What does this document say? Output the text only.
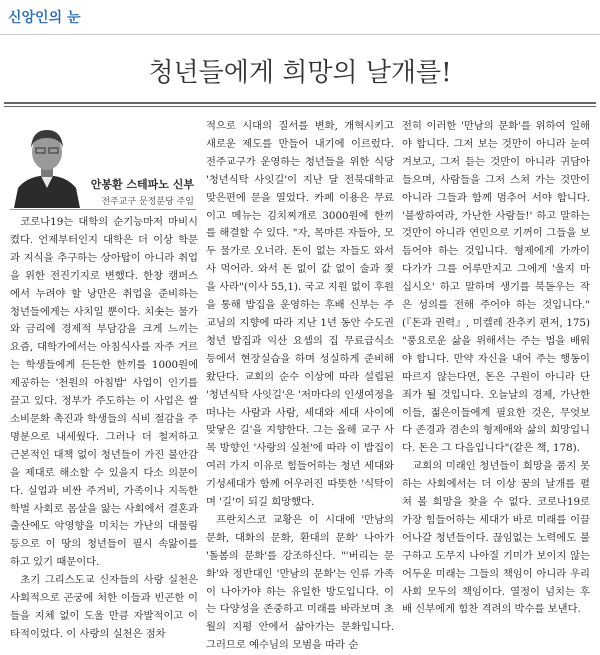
신앙인의 눈
청년들에게 희망의 날개를!
안봉환 스테파노 신부
전주교구 문정분당 주임

코로나19는 대학의 순기능마저 마비시켰다. 언제부터인지 대학은 더 이상 학문과 지식을 추구하는 상아탑이 아니라 취업을 위한 전진기지로 변했다. 한창 캠퍼스에서 누려야 할 낭만은 취업을 준비하는 청년들에게는 사치일 뿐이다. 치솟는 물가와 금리에 경제적 부담감을 크게 느끼는 요즘, 대학가에서는 아침식사를 자주 거르는 학생들에게 든든한 한끼를 1000원에 제공하는 '천원의 아침밥' 사업이 인기를 끌고 있다. 정부가 주도하는 이 사업은 쌀 소비문화 촉진과 학생들의 식비 절감을 주 명분으로 내세웠다. 그러나 더 철저하고 근본적인 대책 없이 청년들이 가진 불안감을 제대로 해소할 수 있을지 다소 의문이다. 실업과 비싼 주거비, 가족이나 지독한 학벌 사회로 몸살을 앓는 사회에서 결혼과 출산에도 악영향을 미치는 가난의 대물림 등으로 이 땅의 청년들이 필시 속앓이를 하고 있기 때문이다.

초기 그리스도교 신자들의 사랑 실천은 사회적으로 곤궁에 처한 이들과 빈곤한 이들을 지체 없이 도울 만큼 자발적이고 이타적이었다. 이 사랑의 실천은 점차

적으로 시대의 질서를 변화, 개혁시키고 새로운 제도를 만들어 내기에 이르렀다. 전주교구가 운영하는 청년들을 위한 식당 '청년식탁 사잇길'이 지난 달 전북대학교 맞은편에 문을 열었다. 카페 이용은 무료이고 메뉴는 김치찌개로 3000원에 한끼를 해결할 수 있다. "자, 목마른 자들아, 모두 물가로 오너라. 돈이 없는 자들도 와서 사 먹어라. 와서 돈 없이 값 없이 술과 젖을 사라"(이사 55,1). 국고 지원 없이 후원을 통해 밥집을 운영하는 후배 신부는 주교님의 지향에 따라 지난 1년 동안 수도권 청년 밥집과 익산 요셉의 집 무료급식소 등에서 현장실습을 하며 성실하게 준비해 왔단다. 교회의 순수 이상에 따라 설립된 '청년식탁 사잇길'은 '저마다의 인생여정을 떠나는 사람과 사람, 세대와 세대 사이에 맞닿은 길'을 지향한다. 그는 올해 교구 사목 방향인 '사랑의 실천'에 따라 이 밥집이 여러 가지 이유로 힘들어하는 청년 세대와 기성세대가 함께 어우러진 따뜻한 '식탁이며 '길'이 되길 희망했다.

프란치스코 교황은 이 시대에 '만남의 문화, 대화의 문화, 환대의 문화' 나아가 '돌봄의 문화'를 강조하신다. "'버리는 문화'와 정반대인 '만남의 문화'는 인류 가족이 나아가야 하는 유일한 방도입니다. 이는 다양성을 존중하고 미래를 바라보며 초월의 지평 안에서 삶아가는 문화입니다. 그러므로 예수님의 모범을 따라 순

전히 이러한 '만남의 문화'를 위하여 일해야 합니다. 그저 보는 것만이 아니라 눈여겨보고, 그저 듣는 것만이 아니라 귀담아들으며, 사람들을 그저 스쳐 가는 것만이 아니라 그들과 함께 멈추어 서야 합니다. '불쌍하여라, 가난한 사람들!' 하고 말하는 것만이 아니라 연민으로 기꺼이 그들을 보듬어야 하는 것입니다. 형제에게 가까이 다가가 그를 어루만지고 그에게 '울지 마십시오' 하고 말하며 생기를 북돋우는 작은 성의를 전해 주어야 하는 것입니다."(『돈과 권력』, 미켈레 잔추키 편저, 175) "풍요로운 삶을 위해서는 주는 법을 배워야 합니다. 만약 자신을 내어 주는 행동이 따르지 않는다면, 돈은 구원이 아니라 단죄가 될 것입니다. 오늘날의 경제, 가난한 이들, 젊은이들에게 필요한 것은, 무엇보다 존경과 겸손의 형제애와 삶의 희망입니다. 돈은 그 다음입니다"(같은 책, 178).

교회의 미래인 청년들이 희망을 품지 못하는 사회에서는 더 이상 꿈의 날개를 펼쳐 볼 희망을 찾을 수 없다. 코로나19로 가장 힘들어하는 세대가 바로 미래를 이끌어나갈 청년들이다. 끊임없는 노력에도 불구하고 도무지 나아질 기미가 보이지 않는 어두운 미래는 그들의 책임이 아니라 우리 사회 모두의 책임이다. 열정이 넘치는 후배 신부에게 힘찬 격려의 박수를 보낸다.
